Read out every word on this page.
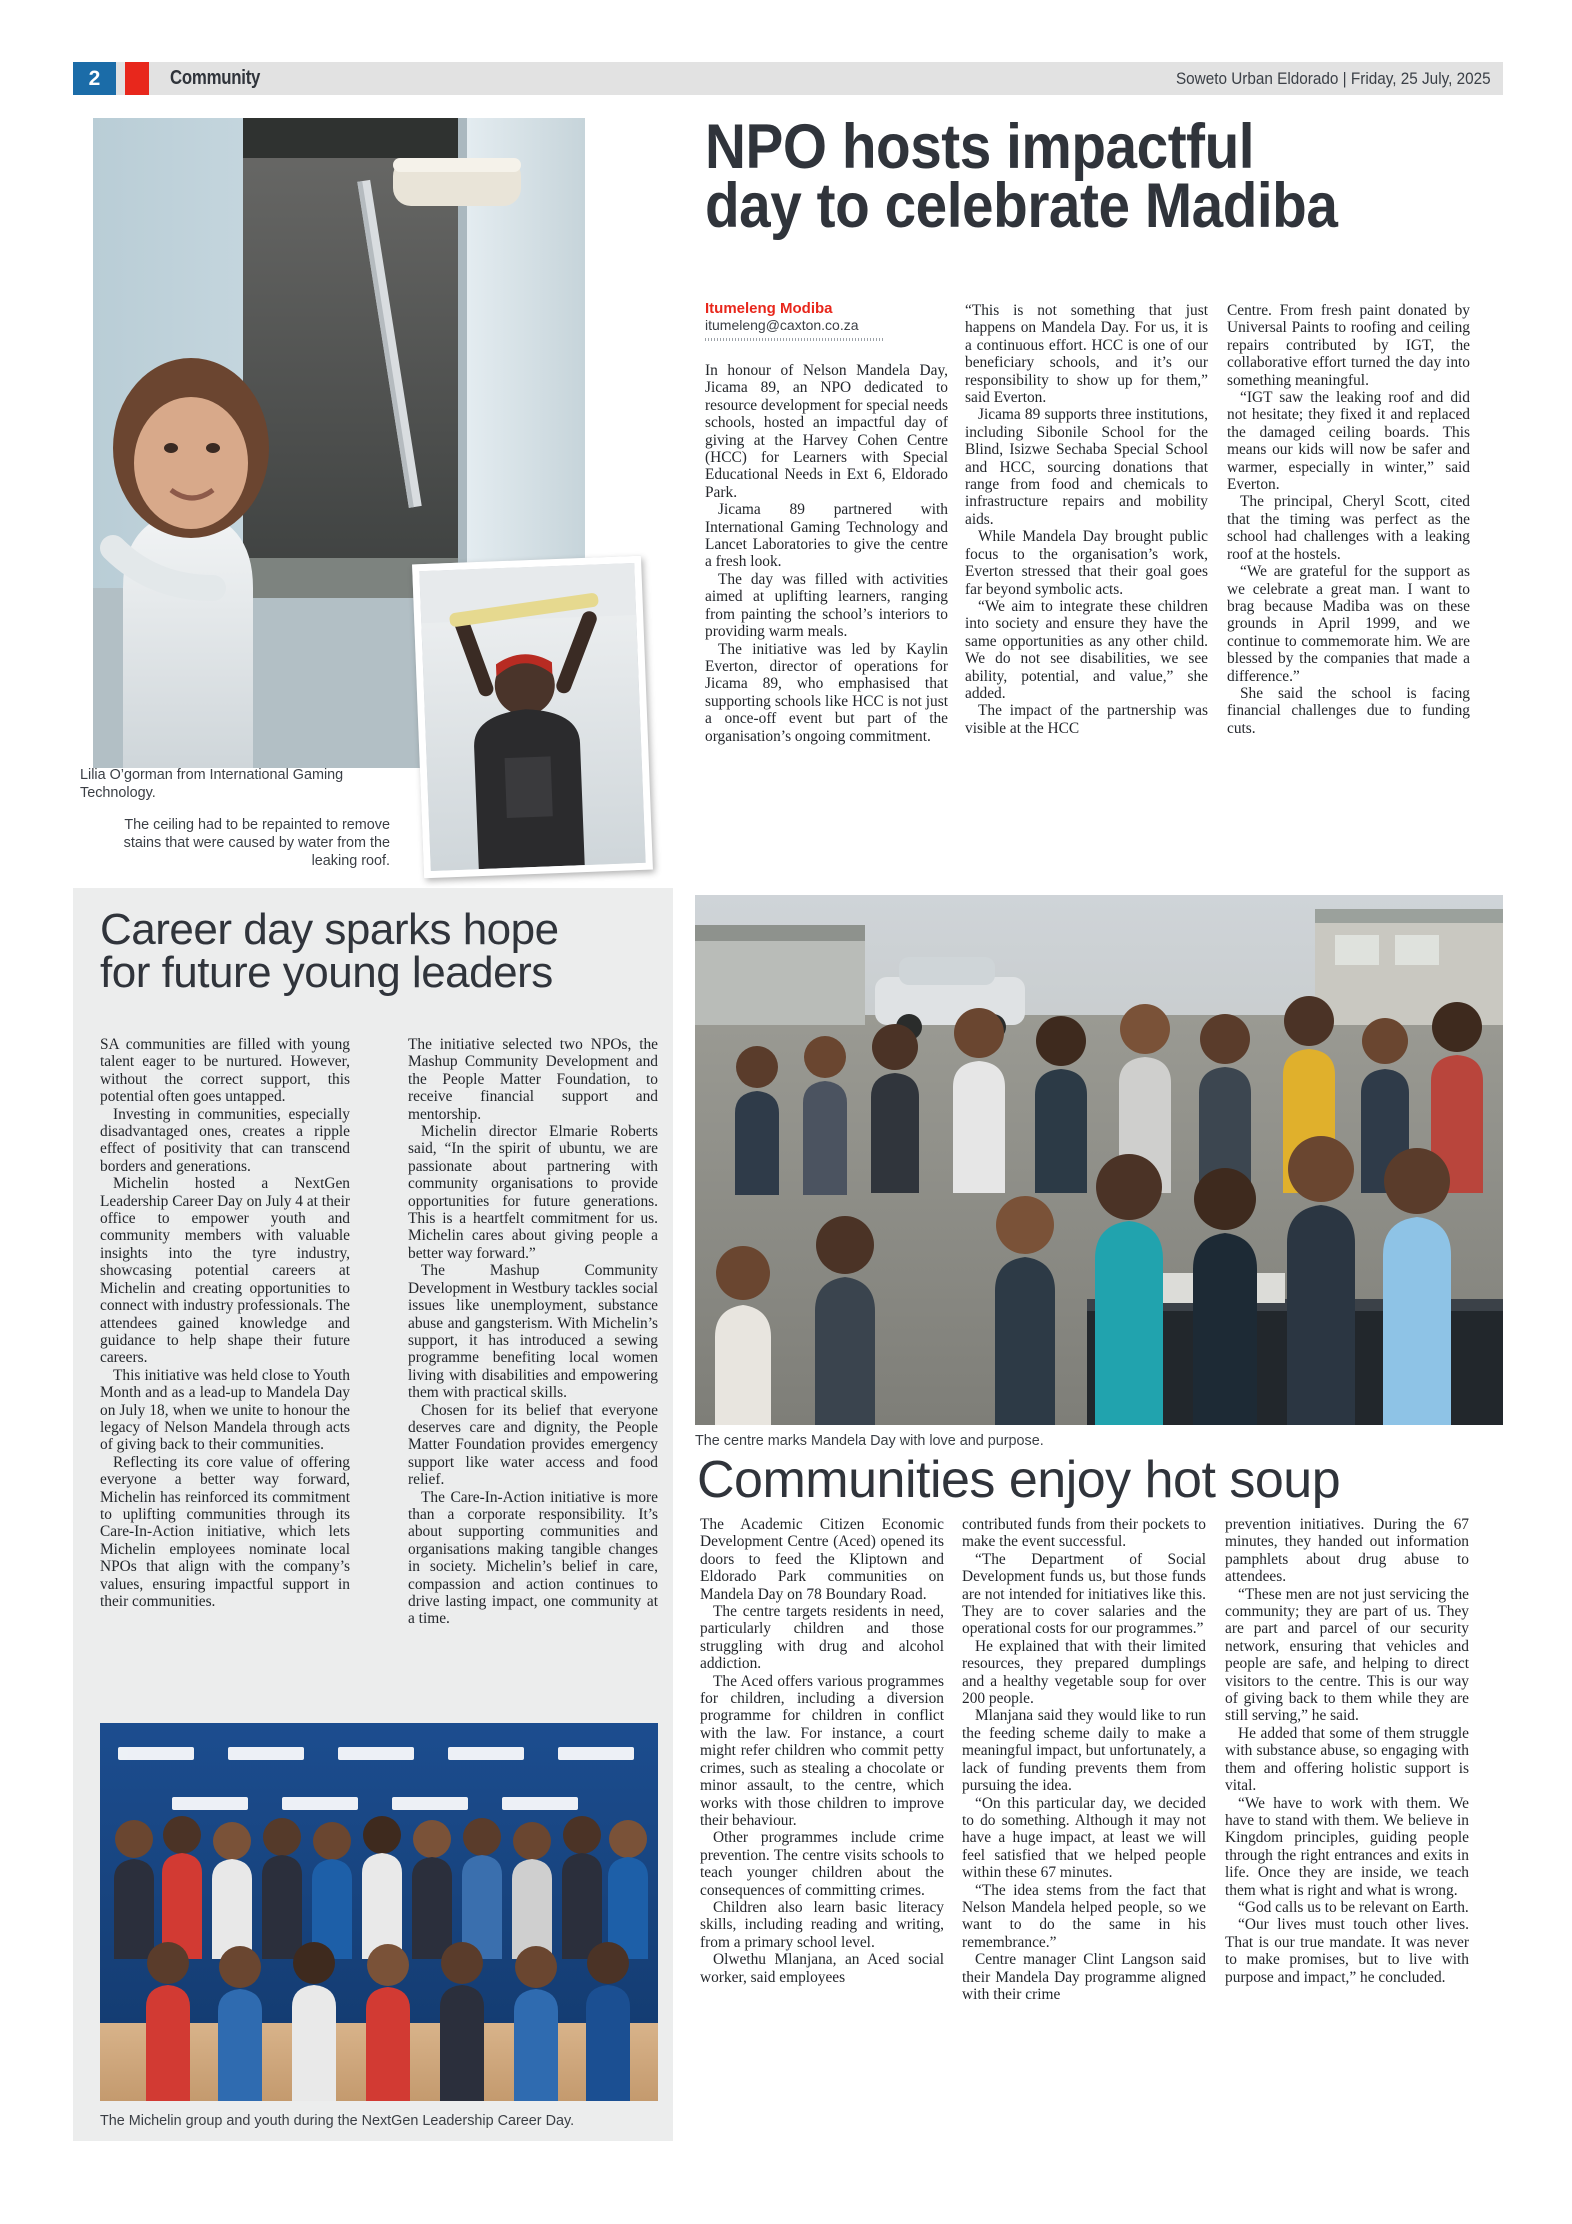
2	Community	Soweto Urban Eldorado | Friday, 25 July, 2025
Lilia O’gorman from International Gaming Technology.
The ceiling had to be repainted to remove stains that were caused by water from the leaking roof.
NPO hosts impactful
day to celebrate Madiba
Itumeleng Modiba
itumeleng@caxton.co.za

In honour of Nelson Mandela Day, Jicama 89, an NPO dedicated to resource development for special needs schools, hosted an impactful day of giving at the Harvey Cohen Centre (HCC) for Learners with Special Educational Needs in Ext 6, Eldorado Park.

Jicama 89 partnered with International Gaming Technology and Lancet Laboratories to give the centre a fresh look.

The day was filled with activities aimed at uplifting learners, ranging from painting the school’s interiors to providing warm meals.

The initiative was led by Kaylin Everton, director of operations for Jicama 89, who emphasised that supporting schools like HCC is not just a once-off event but part of the organisation’s ongoing commitment.

“This is not something that just happens on Mandela Day. For us, it is a continuous effort. HCC is one of our beneficiary schools, and it’s our responsibility to show up for them,” said Everton.

Jicama 89 supports three institutions, including Sibonile School for the Blind, Isizwe Sechaba Special School and HCC, sourcing donations that range from food and chemicals to infrastructure repairs and mobility aids.

While Mandela Day brought public focus to the organisation’s work, Everton stressed that their goal goes far beyond symbolic acts.

“We aim to integrate these children into society and ensure they have the same opportunities as any other child. We do not see disabilities, we see ability, potential, and value,” she added.

The impact of the partnership was visible at the HCC

Centre. From fresh paint donated by Universal Paints to roofing and ceiling repairs contributed by IGT, the collaborative effort turned the day into something meaningful.

“IGT saw the leaking roof and did not hesitate; they fixed it and replaced the damaged ceiling boards. This means our kids will now be safer and warmer, especially in winter,” said Everton.

The principal, Cheryl Scott, cited that the timing was perfect as the school had challenges with a leaking roof at the hostels.

“We are grateful for the support as we celebrate a great man. I want to brag because Madiba was on these grounds in April 1999, and we continue to commemorate him. We are blessed by the companies that made a difference.”

She said the school is facing financial challenges due to funding cuts.

Career day sparks hope
for future young leaders

SA communities are filled with young talent eager to be nurtured. However, without the correct support, this potential often goes untapped.

Investing in communities, especially disadvantaged ones, creates a ripple effect of positivity that can transcend borders and generations.

Michelin hosted a NextGen Leadership Career Day on July 4 at their office to empower youth and community members with valuable insights into the tyre industry, showcasing potential careers at Michelin and creating opportunities to connect with industry professionals. The attendees gained knowledge and guidance to help shape their future careers.

This initiative was held close to Youth Month and as a lead-up to Mandela Day on July 18, when we unite to honour the legacy of Nelson Mandela through acts of giving back to their communities.

Reflecting its core value of offering everyone a better way forward, Michelin has reinforced its commitment to uplifting communities through its Care-In-Action initiative, which lets Michelin employees nominate local NPOs that align with the company’s values, ensuring impactful support in their communities.

The initiative selected two NPOs, the Mashup Community Development and the People Matter Foundation, to receive financial support and mentorship.

Michelin director Elmarie Roberts said, “In the spirit of ubuntu, we are passionate about partnering with community organisations to provide opportunities for future generations. This is a heartfelt commitment for us. Michelin cares about giving people a better way forward.”

The Mashup Community Development in Westbury tackles social issues like unemployment, substance abuse and gangsterism. With Michelin’s support, it has introduced a sewing programme benefiting local women living with disabilities and empowering them with practical skills.

Chosen for its belief that everyone deserves care and dignity, the People Matter Foundation provides emergency support like water access and food relief.

The Care-In-Action initiative is more than a corporate responsibility. It’s about supporting communities and organisations making tangible changes in society. Michelin’s belief in care, compassion and action continues to drive lasting impact, one community at a time.

The Michelin group and youth during the NextGen Leadership Career Day.
The centre marks Mandela Day with love and purpose.
Communities enjoy hot soup

The Academic Citizen Economic Development Centre (Aced) opened its doors to feed the Kliptown and Eldorado Park communities on Mandela Day on 78 Boundary Road.

The centre targets residents in need, particularly children and those struggling with drug and alcohol addiction.

The Aced offers various programmes for children, including a diversion programme for children in conflict with the law. For instance, a court might refer children who commit petty crimes, such as stealing a chocolate or minor assault, to the centre, which works with those children to improve their behaviour.

Other programmes include crime prevention. The centre visits schools to teach younger children about the consequences of committing crimes.

Children also learn basic literacy skills, including reading and writing, from a primary school level.

Olwethu Mlanjana, an Aced social worker, said employees

contributed funds from their pockets to make the event successful.

“The Department of Social Development funds us, but those funds are not intended for initiatives like this. They are to cover salaries and the operational costs for our programmes.”

He explained that with their limited resources, they prepared dumplings and a healthy vegetable soup for over 200 people.

Mlanjana said they would like to run the feeding scheme daily to make a meaningful impact, but unfortunately, a lack of funding prevents them from pursuing the idea.

“On this particular day, we decided to do something. Although it may not have a huge impact, at least we will feel satisfied that we helped people within these 67 minutes.

“The idea stems from the fact that Nelson Mandela helped people, so we want to do the same in his remembrance.”

Centre manager Clint Langson said their Mandela Day programme aligned with their crime

prevention initiatives. During the 67 minutes, they handed out information pamphlets about drug abuse to attendees.

“These men are not just servicing the community; they are part of us. They are part and parcel of our security network, ensuring that vehicles and people are safe, and helping to direct visitors to the centre. This is our way of giving back to them while they are still serving,” he said.

He added that some of them struggle with substance abuse, so engaging with them and offering holistic support is vital.

“We have to work with them. We have to stand with them. We believe in Kingdom principles, guiding people through the right entrances and exits in life. Once they are inside, we teach them what is right and what is wrong.

“God calls us to be relevant on Earth.

“Our lives must touch other lives. That is our true mandate. It was never to make promises, but to live with purpose and impact,” he concluded.
